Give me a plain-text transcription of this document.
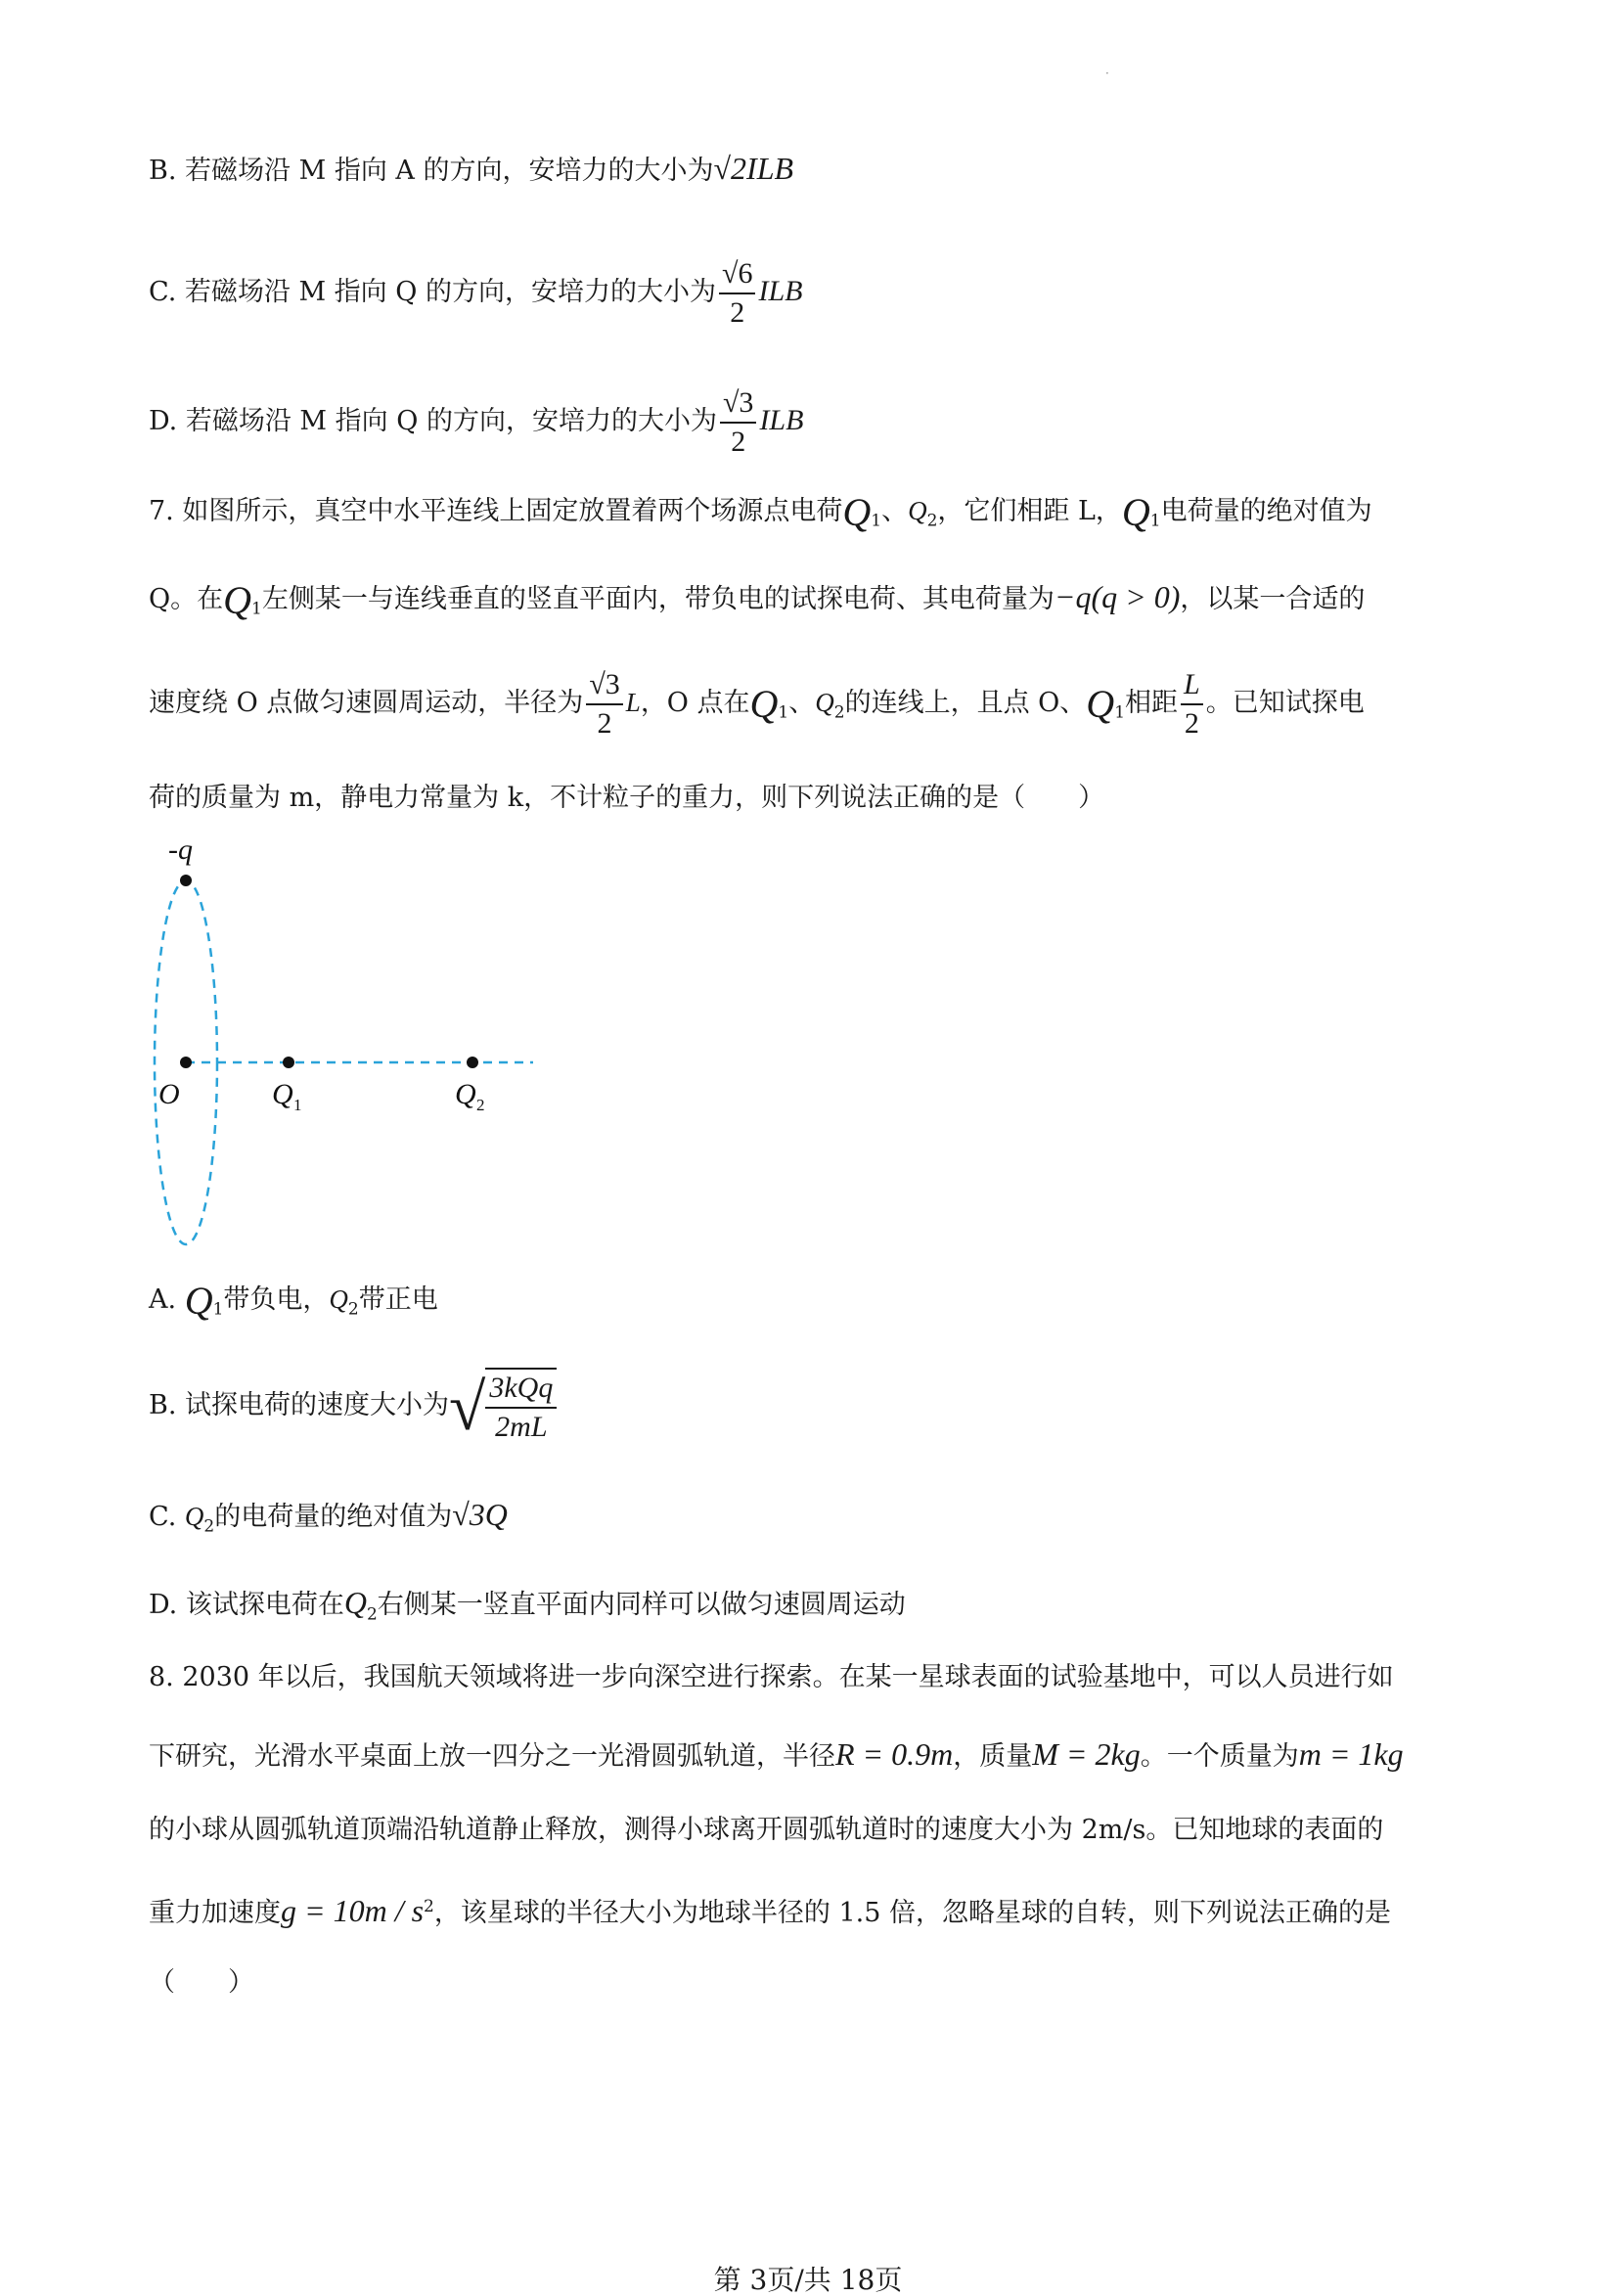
·
B. 若磁场沿 M 指向 A 的方向，安培力的大小为√2ILB
C. 若磁场沿 M 指向 Q 的方向，安培力的大小为 $\frac{√6}{2}$ ILB
D. 若磁场沿 M 指向 Q 的方向，安培力的大小为 $\frac{√3}{2}$ ILB
7. 如图所示，真空中水平连线上固定放置着两个场源点电荷$Q_1$、$Q_2$，它们相距 L，$Q_1$电荷量的绝对值为
Q。在$Q_1$左侧某一与连线垂直的竖直平面内，带负电的试探电荷、其电荷量为−q(q > 0)，以某一合适的
速度绕 O 点做匀速圆周运动，半径为 $\frac{√3}{2}$ L，O 点在$Q_1$、$Q_2$的连线上，且点 O、$Q_1$相距 $\frac{L}{2}$ 。已知试探电
荷的质量为 m，静电力常量为 k，不计粒子的重力，则下列说法正确的是（　　）
-q
O	Q 1	Q 2
A. $Q_1$带负电，$Q_2$带正电
B. 试探电荷的速度大小为 √ $\frac{\text{3kQq}}{2mL}$
C. $Q_2$的电荷量的绝对值为√3Q
D. 该试探电荷在$Q_2$右侧某一竖直平面内同样可以做匀速圆周运动
8. 2030 年以后，我国航天领域将进一步向深空进行探索。在某一星球表面的试验基地中，可以人员进行如
下研究，光滑水平桌面上放一四分之一光滑圆弧轨道，半径R = 0.9m，质量M = 2kg。一个质量为m = 1kg
的小球从圆弧轨道顶端沿轨道静止释放，测得小球离开圆弧轨道时的速度大小为 2m/s。已知地球的表面的
重力加速度$g = 10m / s^2$，该星球的半径大小为地球半径的 1.5 倍，忽略星球的自转，则下列说法正确的是
（　　）
第 3页/共 18页
